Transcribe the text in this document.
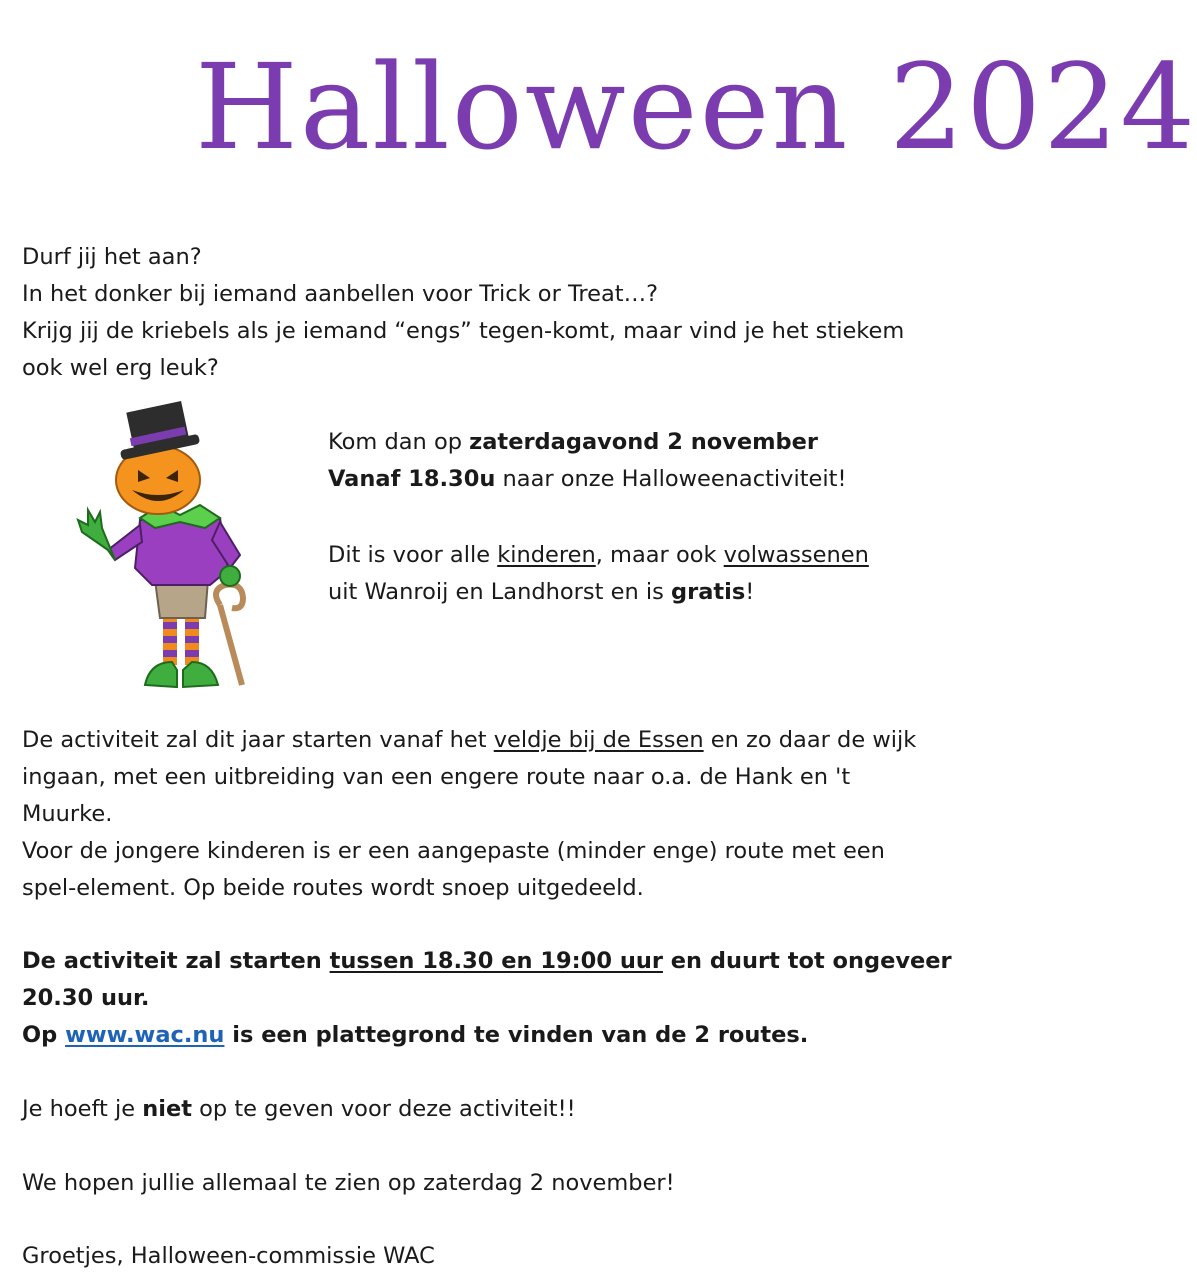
Halloween 2024
Durf jij het aan?
In het donker bij iemand aanbellen voor Trick or Treat…?
Krijg jij de kriebels als je iemand “engs” tegen-komt, maar vind je het stiekem
ook wel erg leuk?
Kom dan op zaterdagavond 2 november
Vanaf 18.30u naar onze Halloweenactiviteit!
Dit is voor alle kinderen, maar ook volwassenen
uit Wanroij en Landhorst en is gratis!
De activiteit zal dit jaar starten vanaf het veldje bij de Essen en zo daar de wijk
ingaan, met een uitbreiding van een engere route naar o.a. de Hank en 't
Muurke.
Voor de jongere kinderen is er een aangepaste (minder enge) route met een
spel-element. Op beide routes wordt snoep uitgedeeld.
De activiteit zal starten tussen 18.30 en 19:00 uur en duurt tot ongeveer
20.30 uur.
Op www.wac.nu is een plattegrond te vinden van de 2 routes.
Je hoeft je niet op te geven voor deze activiteit!!
We hopen jullie allemaal te zien op zaterdag 2 november!
Groetjes, Halloween-commissie WAC
